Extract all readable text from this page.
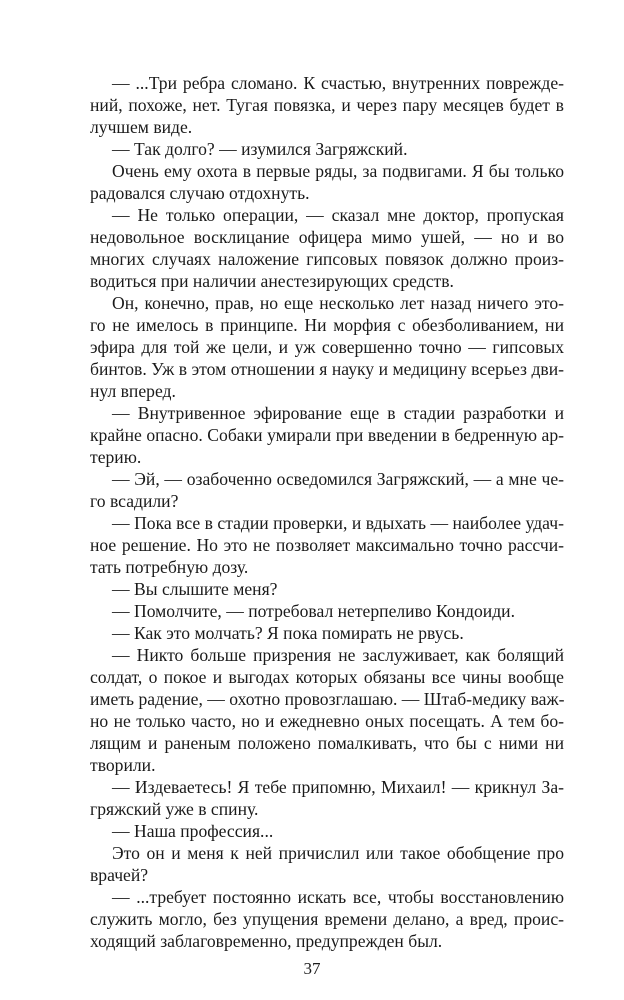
— ...Три ребра сломано. К счастью, внутренних поврежде-
ний, похоже, нет. Тугая повязка, и через пару месяцев будет в
лучшем виде.
— Так долго? — изумился Загряжский.
Очень ему охота в первые ряды, за подвигами. Я бы только
радовался случаю отдохнуть.
— Не только операции, — сказал мне доктор, пропуская
недовольное восклицание офицера мимо ушей, — но и во
многих случаях наложение гипсовых повязок должно произ-
водиться при наличии анестезирующих средств.
Он, конечно, прав, но еще несколько лет назад ничего это-
го не имелось в принципе. Ни морфия с обезболиванием, ни
эфира для той же цели, и уж совершенно точно — гипсовых
бинтов. Уж в этом отношении я науку и медицину всерьез дви-
нул вперед.
— Внутривенное эфирование еще в стадии разработки и
крайне опасно. Собаки умирали при введении в бедренную ар-
терию.
— Эй, — озабоченно осведомился Загряжский, — а мне че-
го всадили?
— Пока все в стадии проверки, и вдыхать — наиболее удач-
ное решение. Но это не позволяет максимально точно рассчи-
тать потребную дозу.
— Вы слышите меня?
— Помолчите, — потребовал нетерпеливо Кондоиди.
— Как это молчать? Я пока помирать не рвусь.
— Никто больше призрения не заслуживает, как болящий
солдат, о покое и выгодах которых обязаны все чины вообще
иметь радение, — охотно провозглашаю. — Штаб-медику важ-
но не только часто, но и ежедневно оных посещать. А тем бо-
лящим и раненым положено помалкивать, что бы с ними ни
творили.
— Издеваетесь! Я тебе припомню, Михаил! — крикнул За-
гряжский уже в спину.
— Наша профессия...
Это он и меня к ней причислил или такое обобщение про
врачей?
— ...требует постоянно искать все, чтобы восстановлению
служить могло, без упущения времени делано, а вред, проис-
ходящий заблаговременно, предупрежден был.
37
